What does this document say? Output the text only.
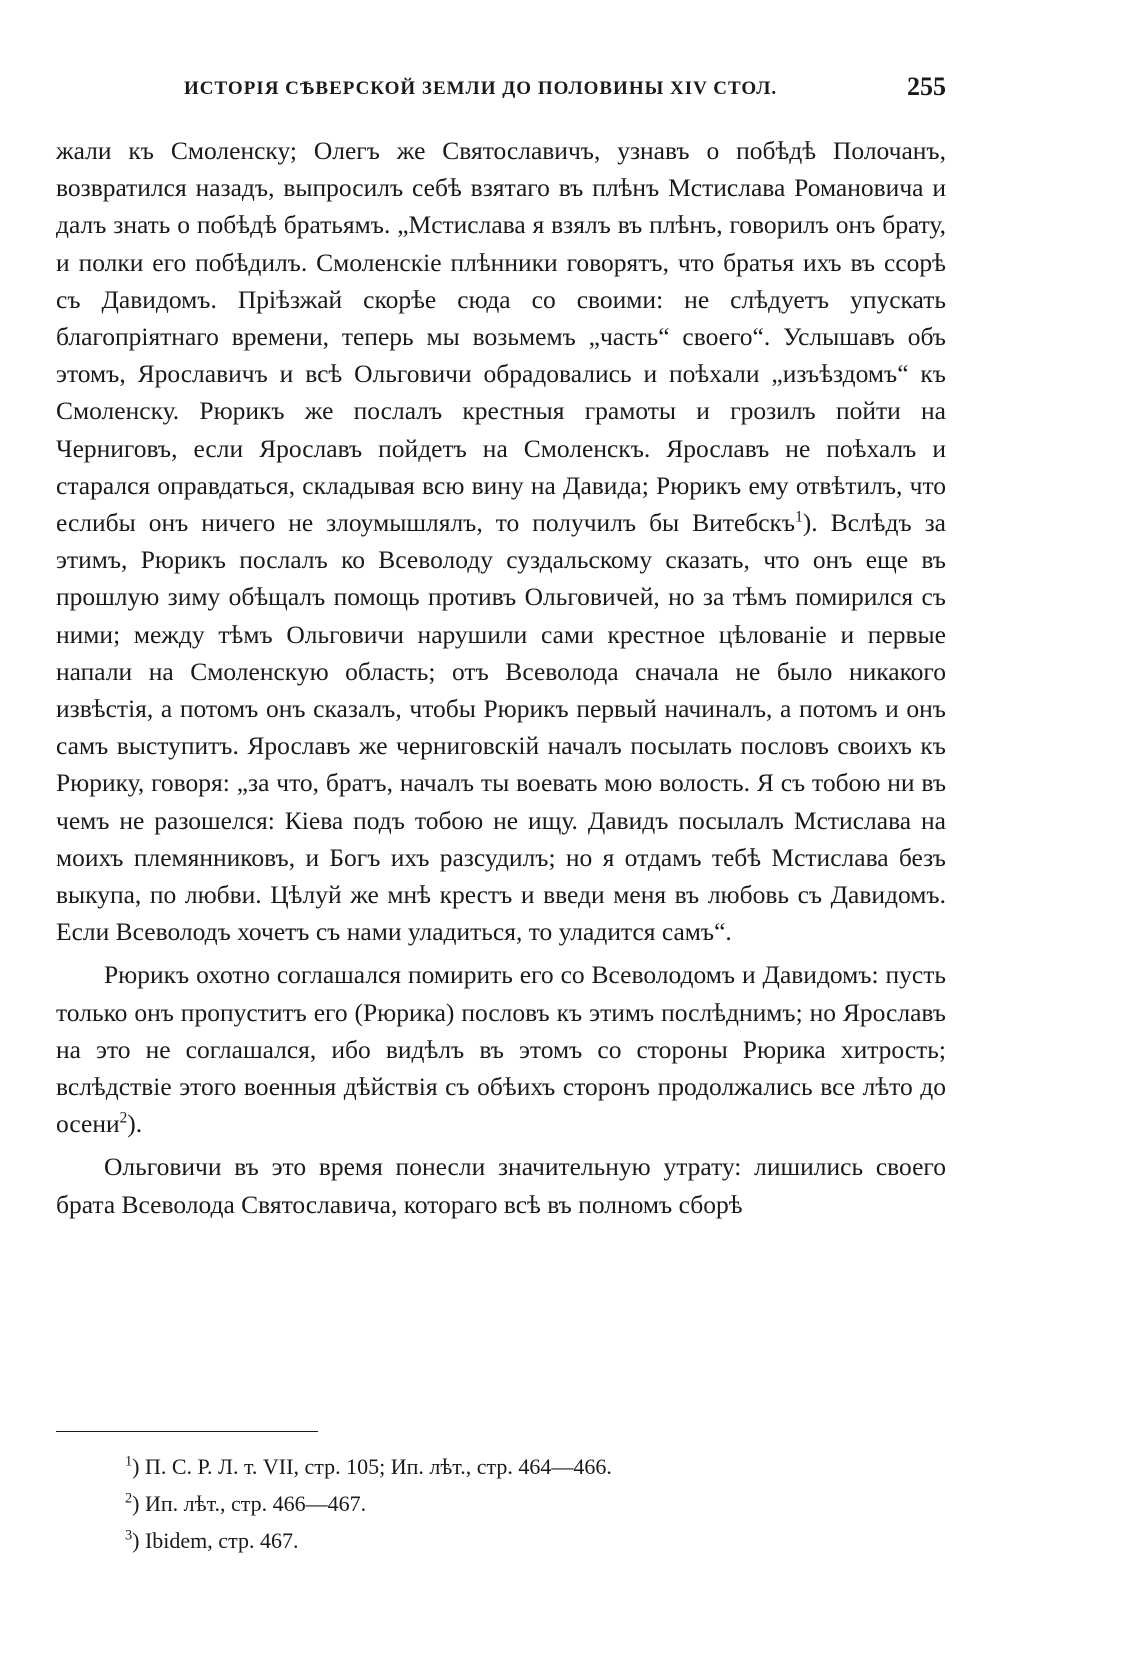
ИСТОРІЯ СѢВЕРСКОЙ ЗЕМЛИ ДО ПОЛОВИНЫ XIV СТОЛ.	255

жали къ Смоленску; Олегъ же Святославичъ, узнавъ о побѣдѣ Полочанъ, возвратился назадъ, выпросилъ себѣ взятаго въ плѣнъ Мстислава Романовича и далъ знать о побѣдѣ братьямъ. „Мстислава я взялъ въ плѣнъ, говорилъ онъ брату, и полки его побѣдилъ. Смоленскіе плѣнники говорятъ, что братья ихъ въ ссорѣ съ Давидомъ. Пріѣзжай скорѣе сюда со своими: не слѣдуетъ упускать благопріятнаго времени, теперь мы возьмемъ „часть“ своего“. Услышавъ объ этомъ, Ярославичъ и всѣ Ольговичи обрадовались и поѣхали „изъѣздомъ“ къ Смоленску. Рюрикъ же послалъ крестныя грамоты и грозилъ пойти на Черниговъ, если Ярославъ пойдетъ на Смоленскъ. Ярославъ не поѣхалъ и старался оправдаться, складывая всю вину на Давида; Рюрикъ ему отвѣтилъ, что еслибы онъ ничего не злоумышлялъ, то получилъ бы Витебскъ$^1$). Вслѣдъ за этимъ, Рюрикъ послалъ ко Всеволоду суздальскому сказать, что онъ еще въ прошлую зиму обѣщалъ помощь противъ Ольговичей, но за тѣмъ помирился съ ними; между тѣмъ Ольговичи нарушили сами крестное цѣлованіе и первые напали на Смоленскую область; отъ Всеволода сначала не было никакого извѣстія, а потомъ онъ сказалъ, чтобы Рюрикъ первый начиналъ, а потомъ и онъ самъ выступитъ. Ярославъ же черниговскій началъ посылать пословъ своихъ къ Рюрику, говоря: „за что, братъ, началъ ты воевать мою волость. Я съ тобою ни въ чемъ не разошелся: Кіева подъ тобою не ищу. Давидъ посылалъ Мстислава на моихъ племянниковъ, и Богъ ихъ разсудилъ; но я отдамъ тебѣ Мстислава безъ выкупа, по любви. Цѣлуй же мнѣ крестъ и введи меня въ любовь съ Давидомъ. Если Всеволодъ хочетъ съ нами уладиться, то уладится самъ“.

Рюрикъ охотно соглашался помирить его со Всеволодомъ и Давидомъ: пусть только онъ пропуститъ его (Рюрика) пословъ къ этимъ послѣднимъ; но Ярославъ на это не соглашался, ибо видѣлъ въ этомъ со стороны Рюрика хитрость; вслѣдствіе этого военныя дѣйствія съ обѣихъ сторонъ продолжались все лѣто до осени$^2$).

Ольговичи въ это время понесли значительную утрату: лишились своего брата Всеволода Святославича, котораго всѣ въ полномъ сборѣ

$^1$) П. С. Р. Л. т. VII, стр. 105; Ип. лѣт., стр. 464—466.
$^2$) Ип. лѣт., стр. 466—467.
$^3$) Ibidem, стр. 467.
